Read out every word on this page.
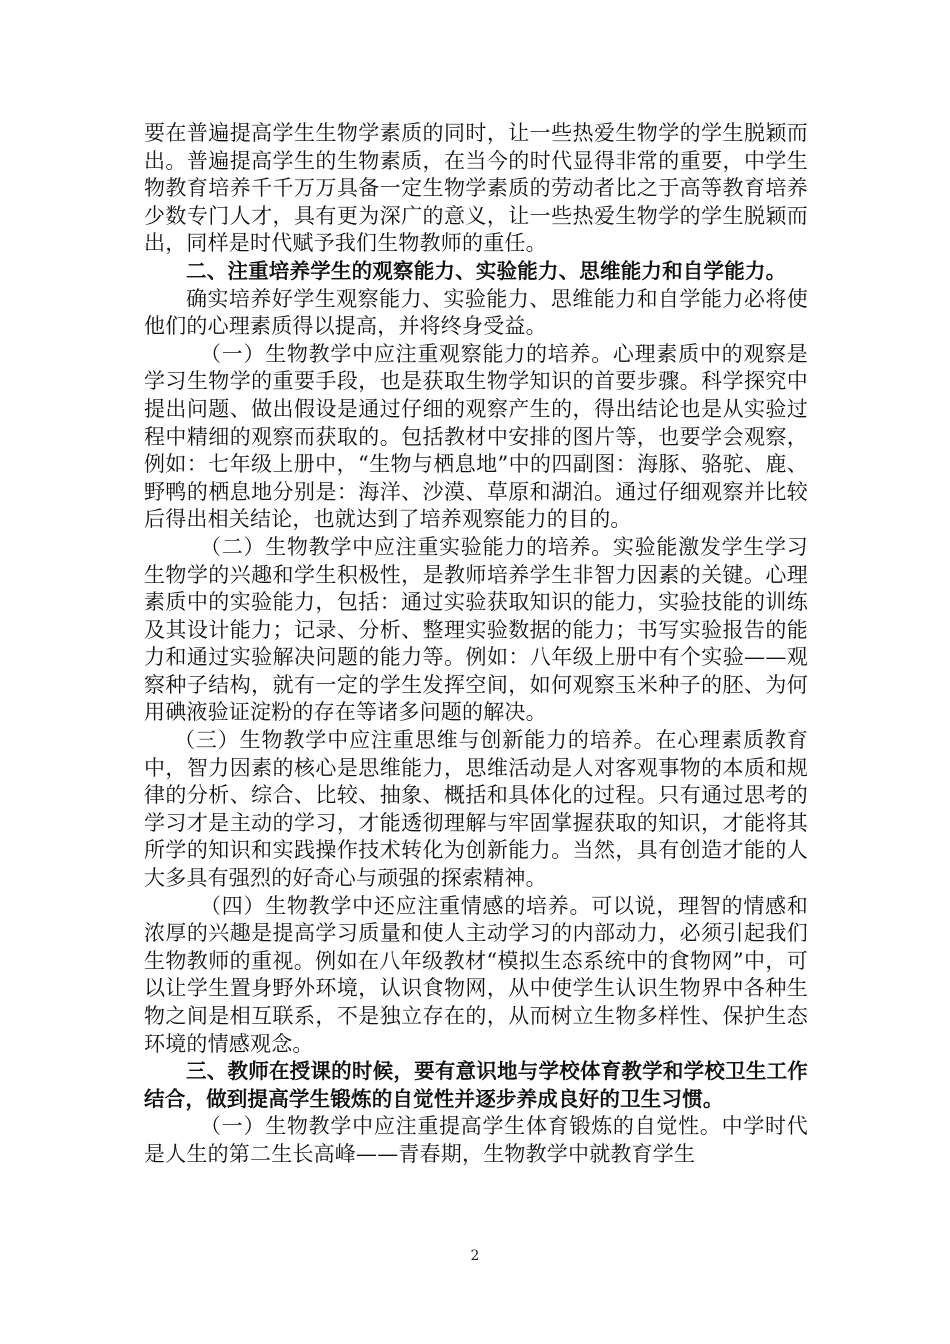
要在普遍提高学生生物学素质的同时，让一些热爱生物学的学生脱颖而出。普遍提高学生的生物素质，在当今的时代显得非常的重要，中学生物教育培养千千万万具备一定生物学素质的劳动者比之于高等教育培养少数专门人才，具有更为深广的意义，让一些热爱生物学的学生脱颖而出，同样是时代赋予我们生物教师的重任。

二、注重培养学生的观察能力、实验能力、思维能力和自学能力。

确实培养好学生观察能力、实验能力、思维能力和自学能力必将使他们的心理素质得以提高，并将终身受益。

（一）生物教学中应注重观察能力的培养。心理素质中的观察是学习生物学的重要手段，也是获取生物学知识的首要步骤。科学探究中提出问题、做出假设是通过仔细的观察产生的，得出结论也是从实验过程中精细的观察而获取的。包括教材中安排的图片等，也要学会观察，例如：七年级上册中，“生物与栖息地”中的四副图：海豚、骆驼、鹿、野鸭的栖息地分别是：海洋、沙漠、草原和湖泊。通过仔细观察并比较后得出相关结论，也就达到了培养观察能力的目的。

（二）生物教学中应注重实验能力的培养。实验能激发学生学习生物学的兴趣和学生积极性，是教师培养学生非智力因素的关键。心理素质中的实验能力，包括：通过实验获取知识的能力，实验技能的训练及其设计能力；记录、分析、整理实验数据的能力；书写实验报告的能力和通过实验解决问题的能力等。例如：八年级上册中有个实验——观察种子结构，就有一定的学生发挥空间，如何观察玉米种子的胚、为何用碘液验证淀粉的存在等诸多问题的解决。

（三）生物教学中应注重思维与创新能力的培养。在心理素质教育中，智力因素的核心是思维能力，思维活动是人对客观事物的本质和规律的分析、综合、比较、抽象、概括和具体化的过程。只有通过思考的学习才是主动的学习，才能透彻理解与牢固掌握获取的知识，才能将其所学的知识和实践操作技术转化为创新能力。当然，具有创造才能的人大多具有强烈的好奇心与顽强的探索精神。

（四）生物教学中还应注重情感的培养。可以说，理智的情感和浓厚的兴趣是提高学习质量和使人主动学习的内部动力，必须引起我们生物教师的重视。例如在八年级教材“模拟生态系统中的食物网”中，可以让学生置身野外环境，认识食物网，从中使学生认识生物界中各种生物之间是相互联系，不是独立存在的，从而树立生物多样性、保护生态环境的情感观念。

三、教师在授课的时候，要有意识地与学校体育教学和学校卫生工作结合，做到提高学生锻炼的自觉性并逐步养成良好的卫生习惯。

（一）生物教学中应注重提高学生体育锻炼的自觉性。中学时代是人生的第二生长高峰——青春期，生物教学中就教育学生

2
